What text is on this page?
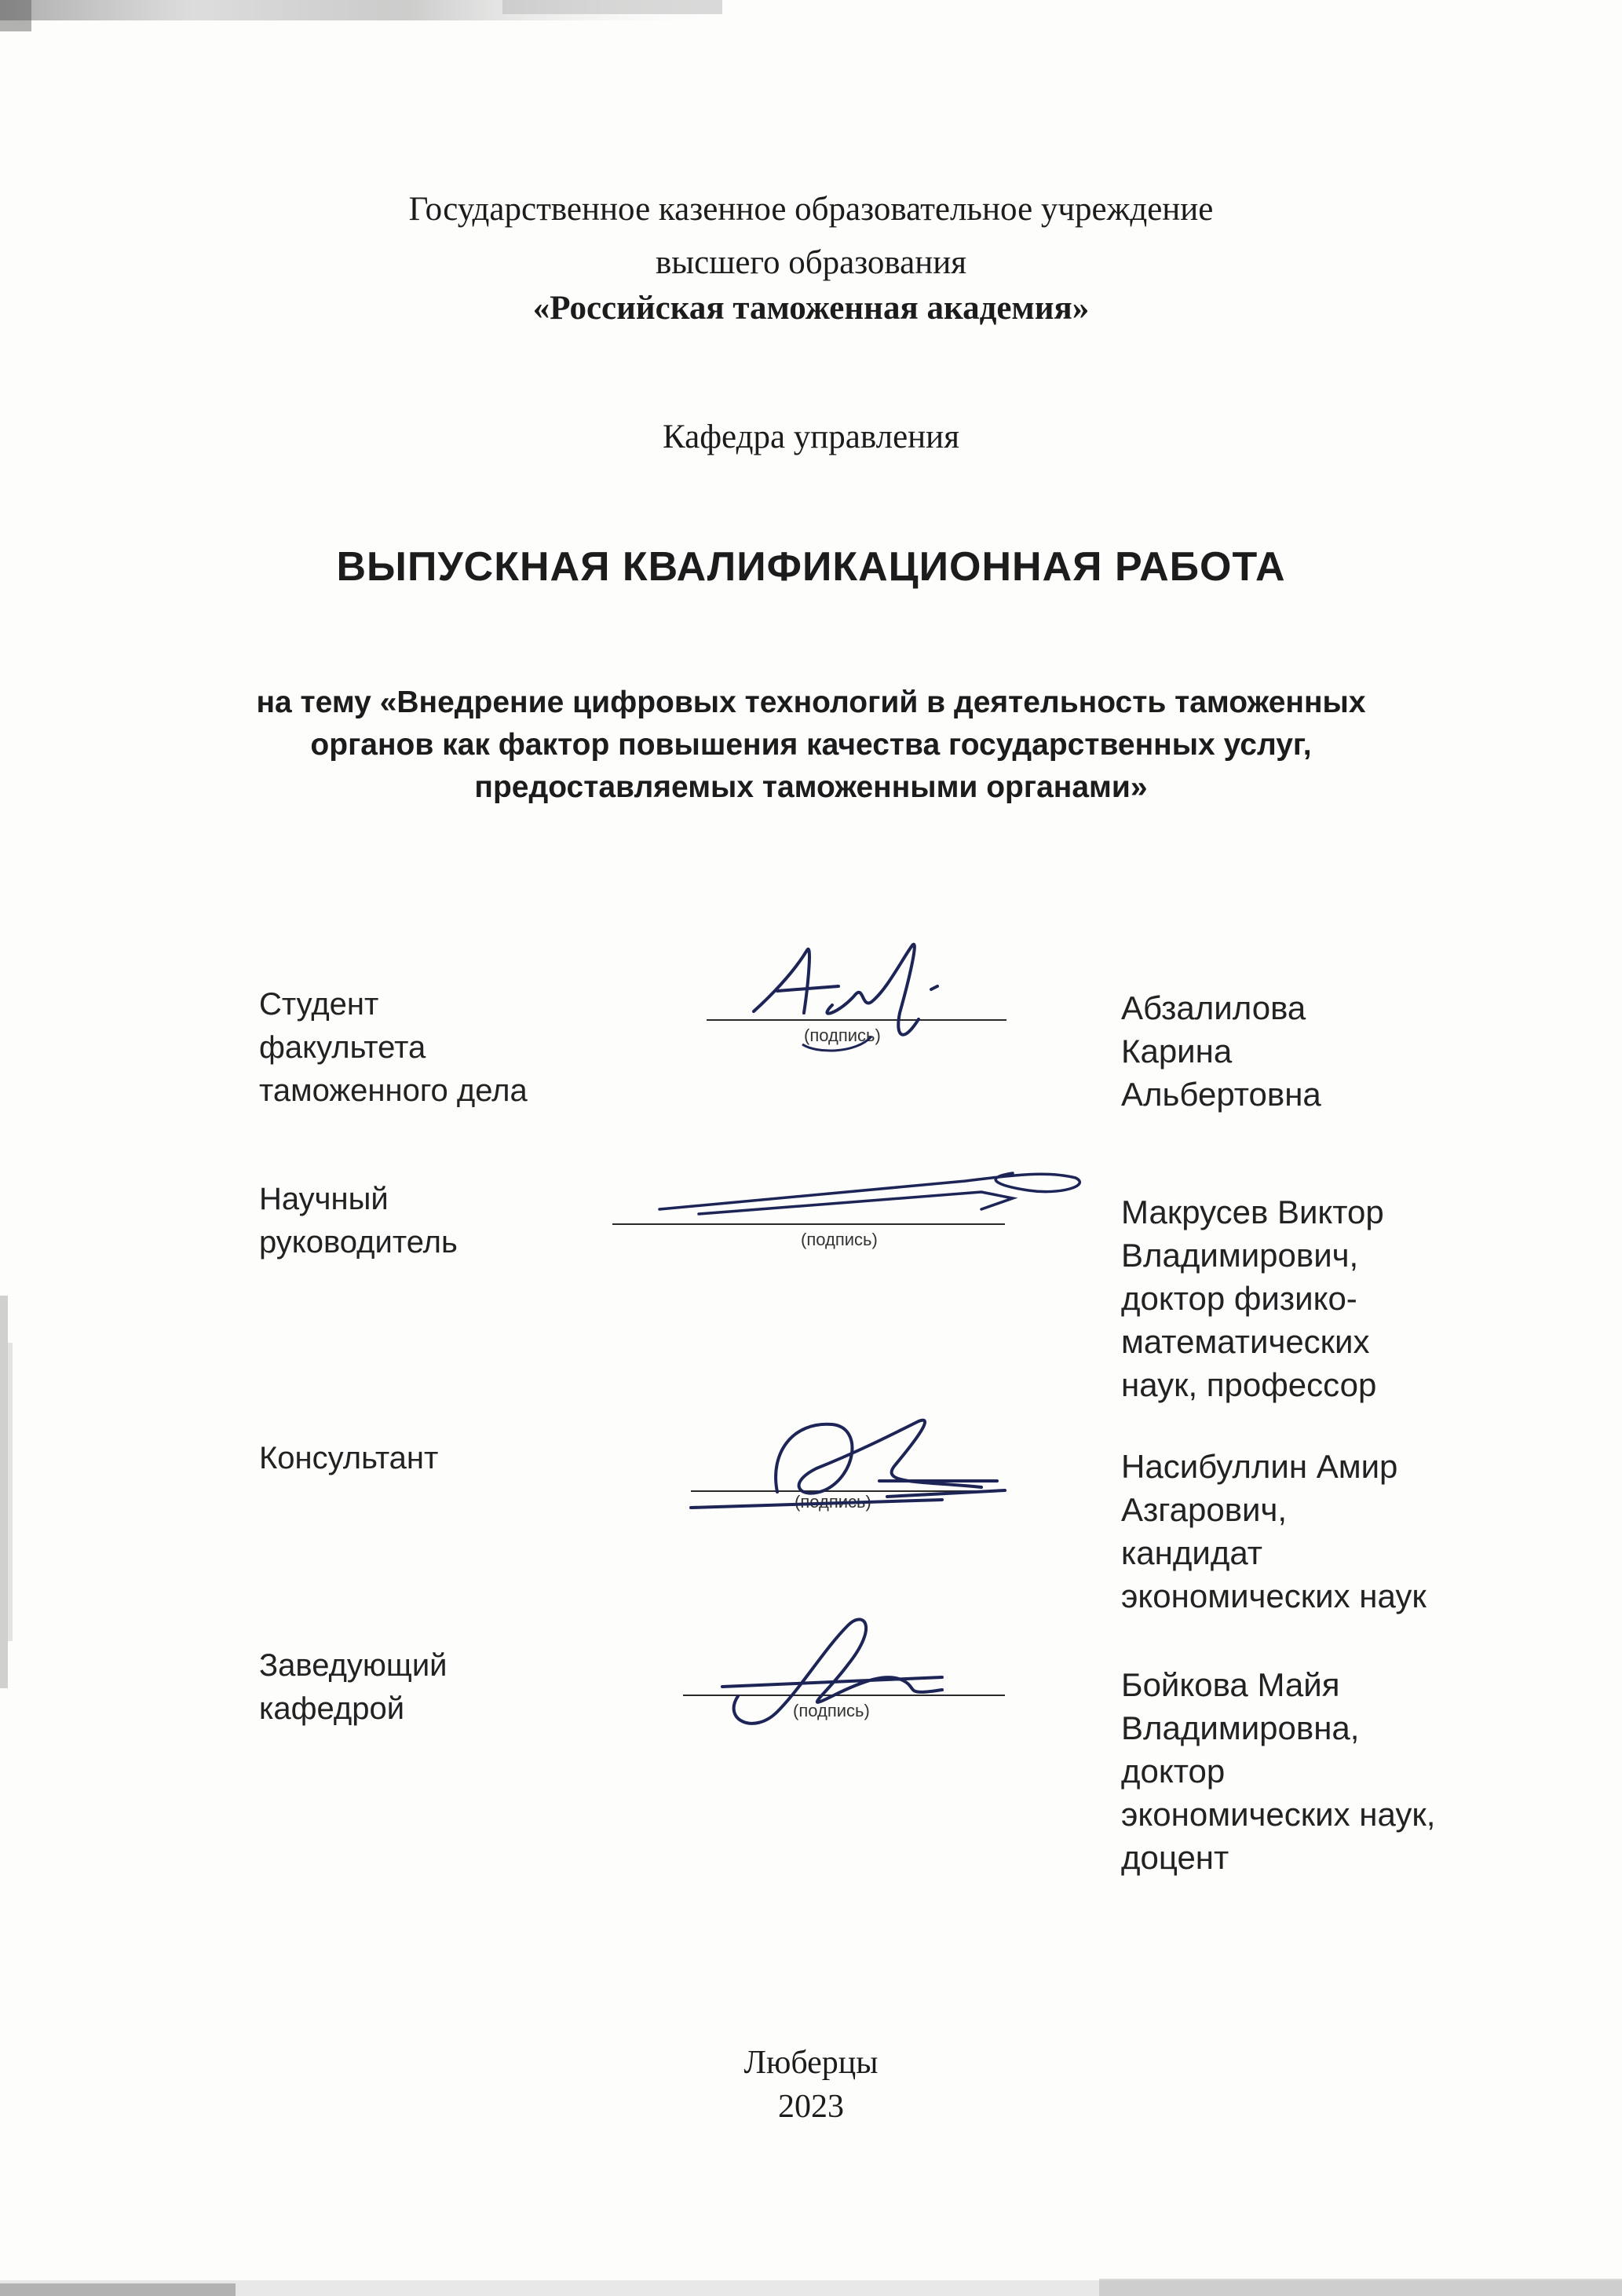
Государственное казенное образовательное учреждение
высшего образования
«Российская таможенная академия»
Кафедра управления
ВЫПУСКНАЯ КВАЛИФИКАЦИОННАЯ РАБОТА
на тему «Внедрение цифровых технологий в деятельность таможенных
органов как фактор повышения качества государственных услуг,
предоставляемых таможенными органами»
Студент
факультета
таможенного дела
(подпись)
Абзалилова
Карина
Альбертовна
Научный
руководитель	(подпись)
Макрусев Виктор
Владимирович,
доктор физико-
математических
наук, профессор
Консультант
(подпись)
Насибуллин Амир
Азгарович,
кандидат
экономических наук
Заведующий
кафедрой	(подпись)
Бойкова Майя
Владимировна,
доктор
экономических наук,
доцент
Люберцы
2023
